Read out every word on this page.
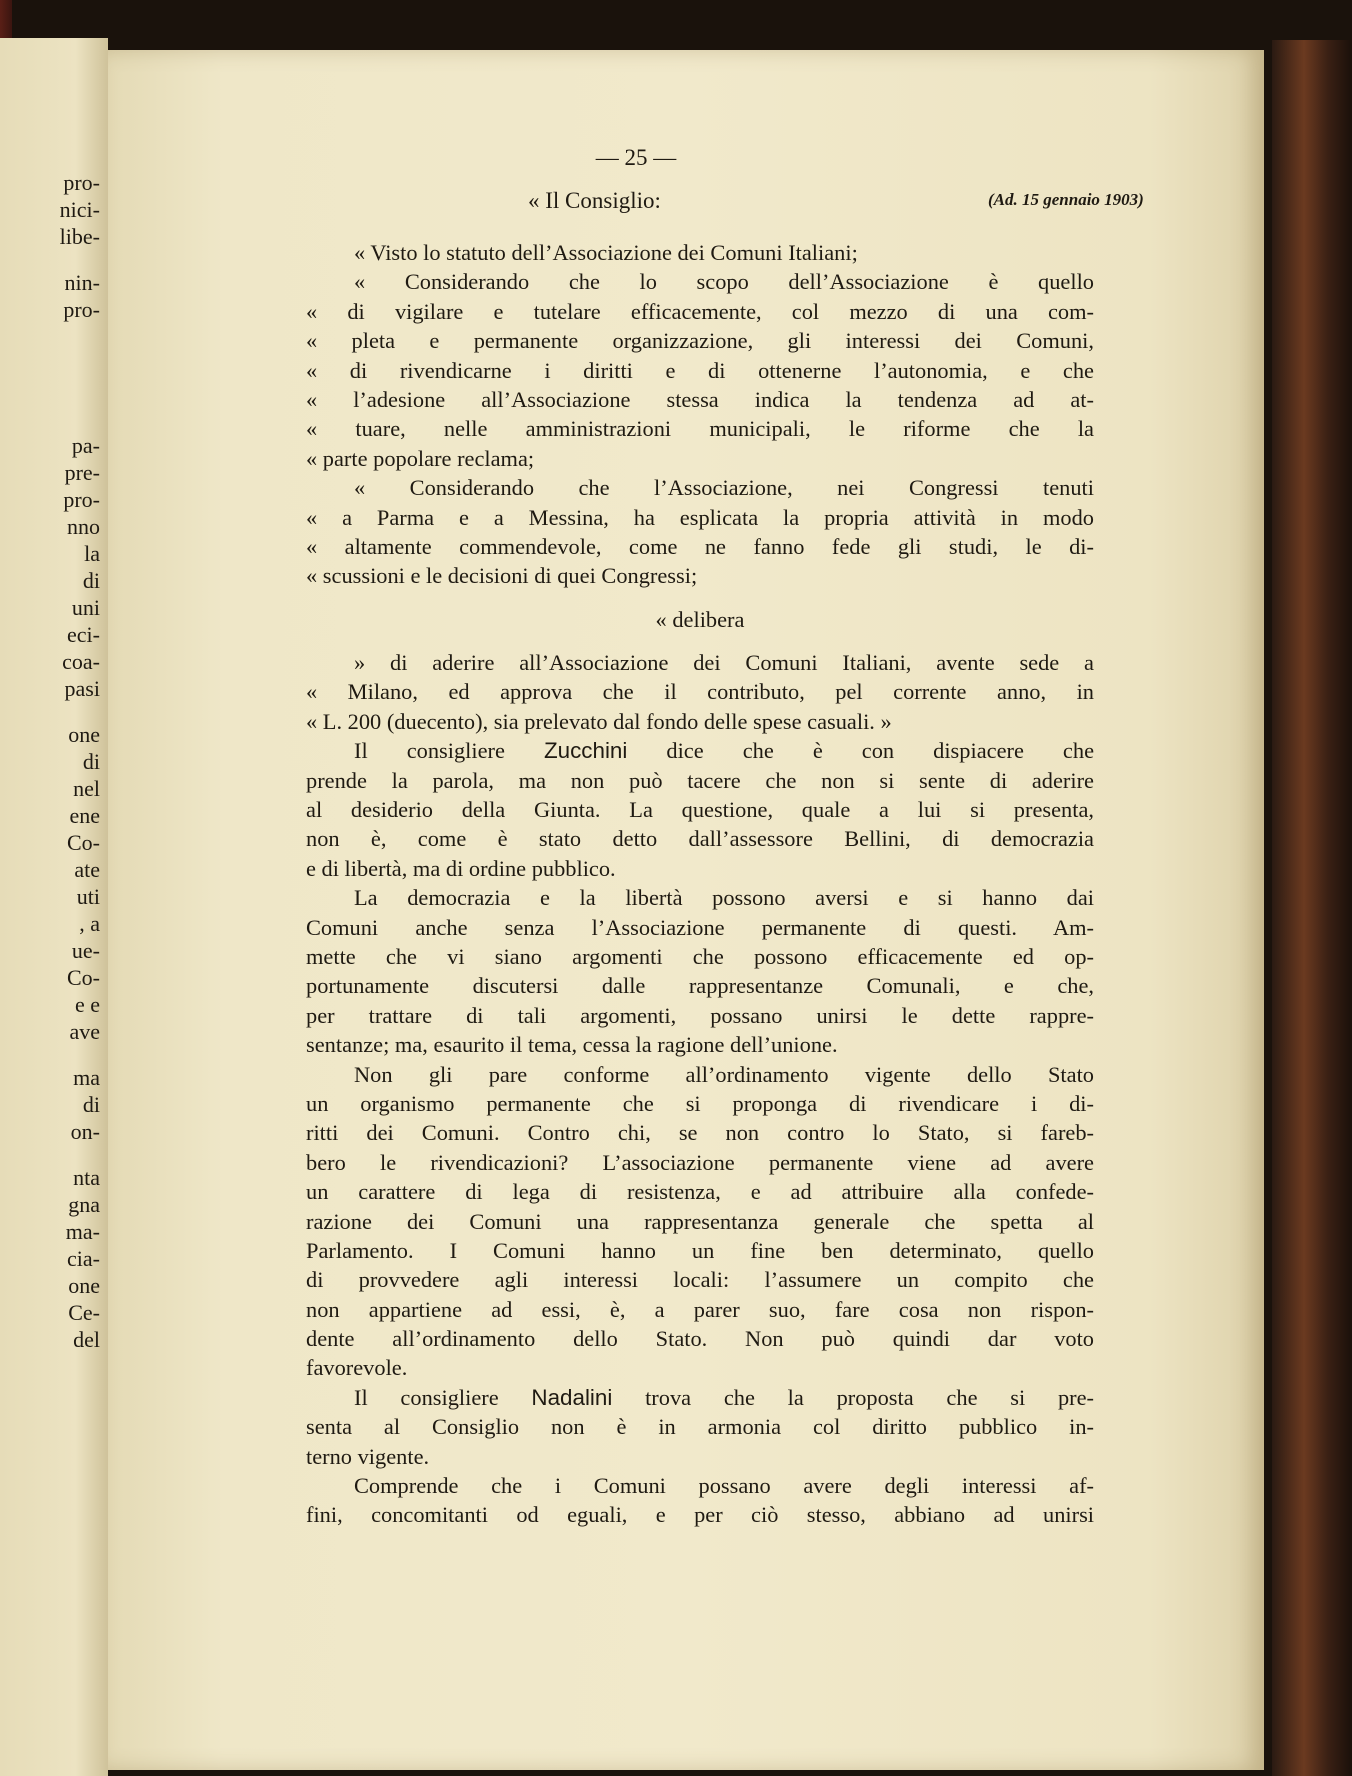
pro-
nici-
libe-
nin-
pro-
pa-
pre-
pro-
nno
la
di
uni
eci-
coa-
pasi
one
di
nel
ene
Co-
ate
uti
, a
ue-
Co-
e e
ave
ma
di
on-
nta
gna
ma-
cia-
one
Ce-
del
— 25 —
« Il Consiglio:	(Ad. 15 gennaio 1903)
« Visto lo statuto dell’Associazione dei Comuni Italiani;
« Considerando che lo scopo dell’Associazione è quello
« di vigilare e tutelare efficacemente, col mezzo di una com-
« pleta e permanente organizzazione, gli interessi dei Comuni,
« di rivendicarne i diritti e di ottenerne l’autonomia, e che
« l’adesione all’Associazione stessa indica la tendenza ad at-
« tuare, nelle amministrazioni municipali, le riforme che la
« parte popolare reclama;
« Considerando che l’Associazione, nei Congressi tenuti
« a Parma e a Messina, ha esplicata la propria attività in modo
« altamente commendevole, come ne fanno fede gli studi, le di-
« scussioni e le decisioni di quei Congressi;
« delibera
» di aderire all’Associazione dei Comuni Italiani, avente sede a
« Milano, ed approva che il contributo, pel corrente anno, in
« L. 200 (duecento), sia prelevato dal fondo delle spese casuali. »
Il consigliere Zucchini dice che è con dispiacere che
prende la parola, ma non può tacere che non si sente di aderire
al desiderio della Giunta. La questione, quale a lui si presenta,
non è, come è stato detto dall’assessore Bellini, di democrazia
e di libertà, ma di ordine pubblico.
La democrazia e la libertà possono aversi e si hanno dai
Comuni anche senza l’Associazione permanente di questi. Am-
mette che vi siano argomenti che possono efficacemente ed op-
portunamente discutersi dalle rappresentanze Comunali, e che,
per trattare di tali argomenti, possano unirsi le dette rappre-
sentanze; ma, esaurito il tema, cessa la ragione dell’unione.
Non gli pare conforme all’ordinamento vigente dello Stato
un organismo permanente che si proponga di rivendicare i di-
ritti dei Comuni. Contro chi, se non contro lo Stato, si fareb-
bero le rivendicazioni? L’associazione permanente viene ad avere
un carattere di lega di resistenza, e ad attribuire alla confede-
razione dei Comuni una rappresentanza generale che spetta al
Parlamento. I Comuni hanno un fine ben determinato, quello
di provvedere agli interessi locali: l’assumere un compito che
non appartiene ad essi, è, a parer suo, fare cosa non rispon-
dente all’ordinamento dello Stato. Non può quindi dar voto
favorevole.
Il consigliere Nadalini trova che la proposta che si pre-
senta al Consiglio non è in armonia col diritto pubblico in-
terno vigente.
Comprende che i Comuni possano avere degli interessi af-
fini, concomitanti od eguali, e per ciò stesso, abbiano ad unirsi
